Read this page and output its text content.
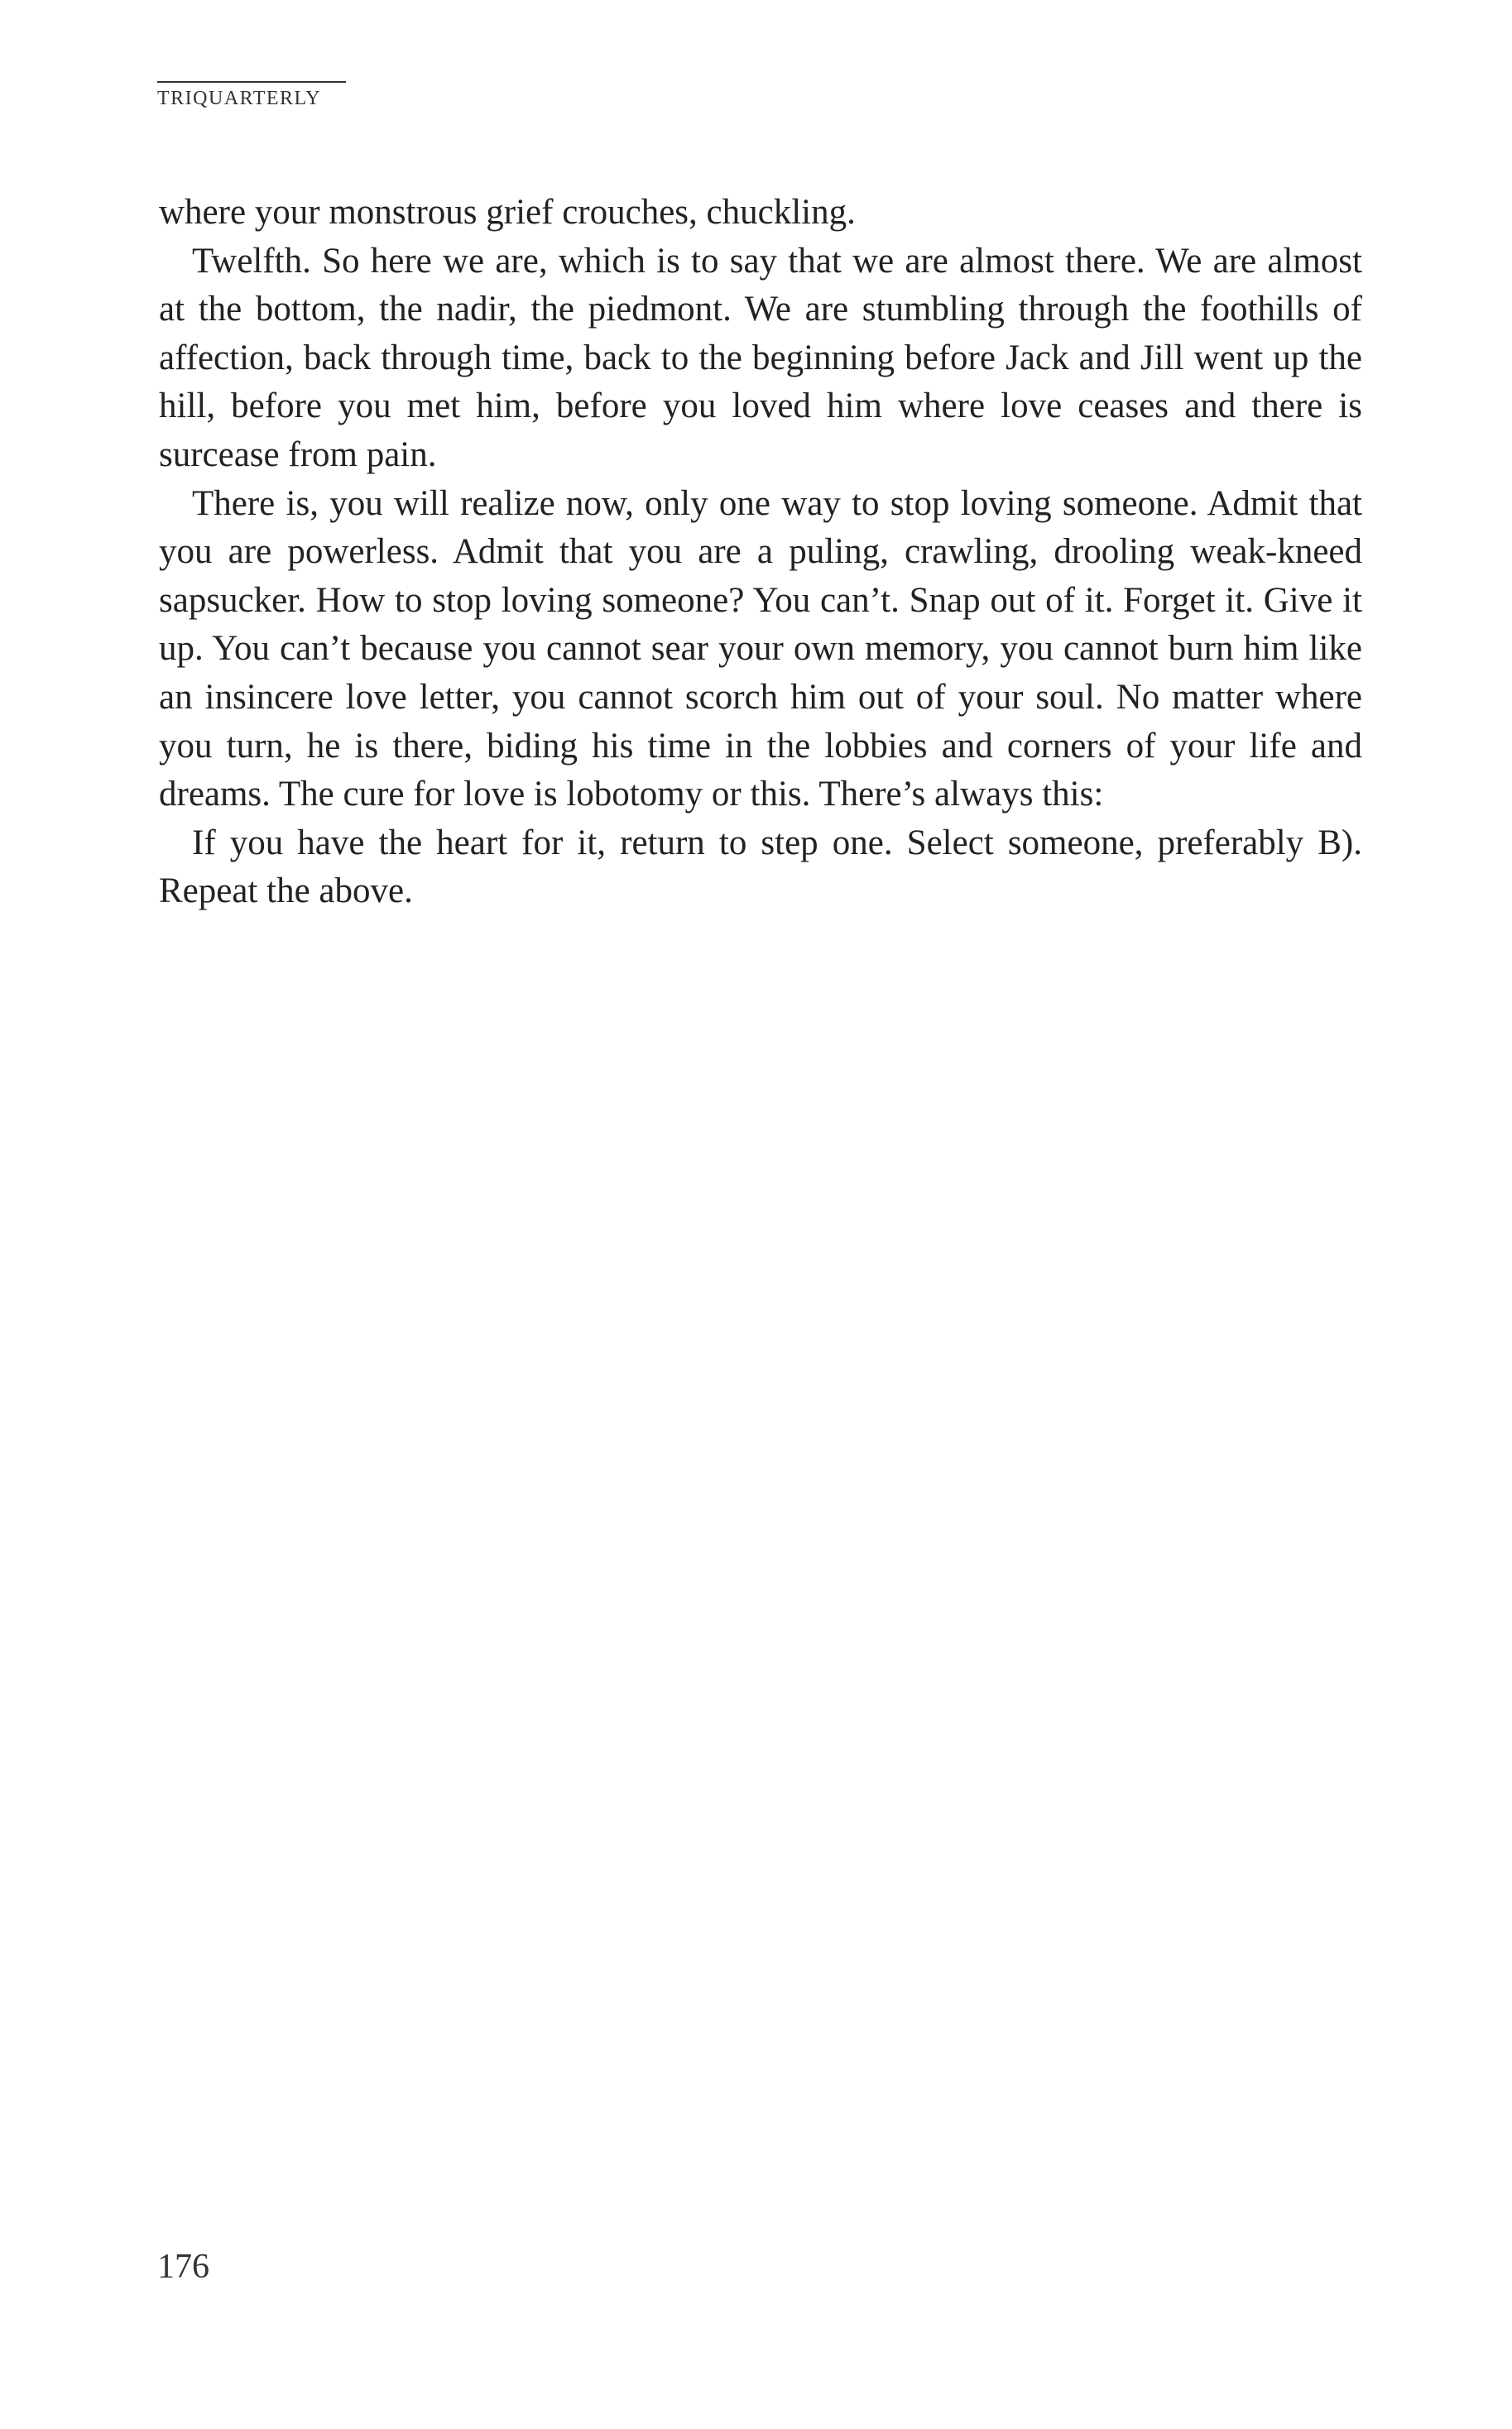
TRIQUARTERLY

where your monstrous grief crouches, chuckling.

Twelfth. So here we are, which is to say that we are almost there. We are almost at the bottom, the nadir, the piedmont. We are stumbling through the foothills of affection, back through time, back to the beginning before Jack and Jill went up the hill, before you met him, before you loved him where love ceases and there is surcease from pain.

There is, you will realize now, only one way to stop loving someone. Admit that you are powerless. Admit that you are a puling, crawling, drooling weak-kneed sapsucker. How to stop loving someone? You can’t. Snap out of it. Forget it. Give it up. You can’t because you cannot sear your own memory, you cannot burn him like an insincere love letter, you cannot scorch him out of your soul. No matter where you turn, he is there, biding his time in the lobbies and corners of your life and dreams. The cure for love is lobotomy or this. There’s always this:

If you have the heart for it, return to step one. Select someone, preferably B). Repeat the above.

176
